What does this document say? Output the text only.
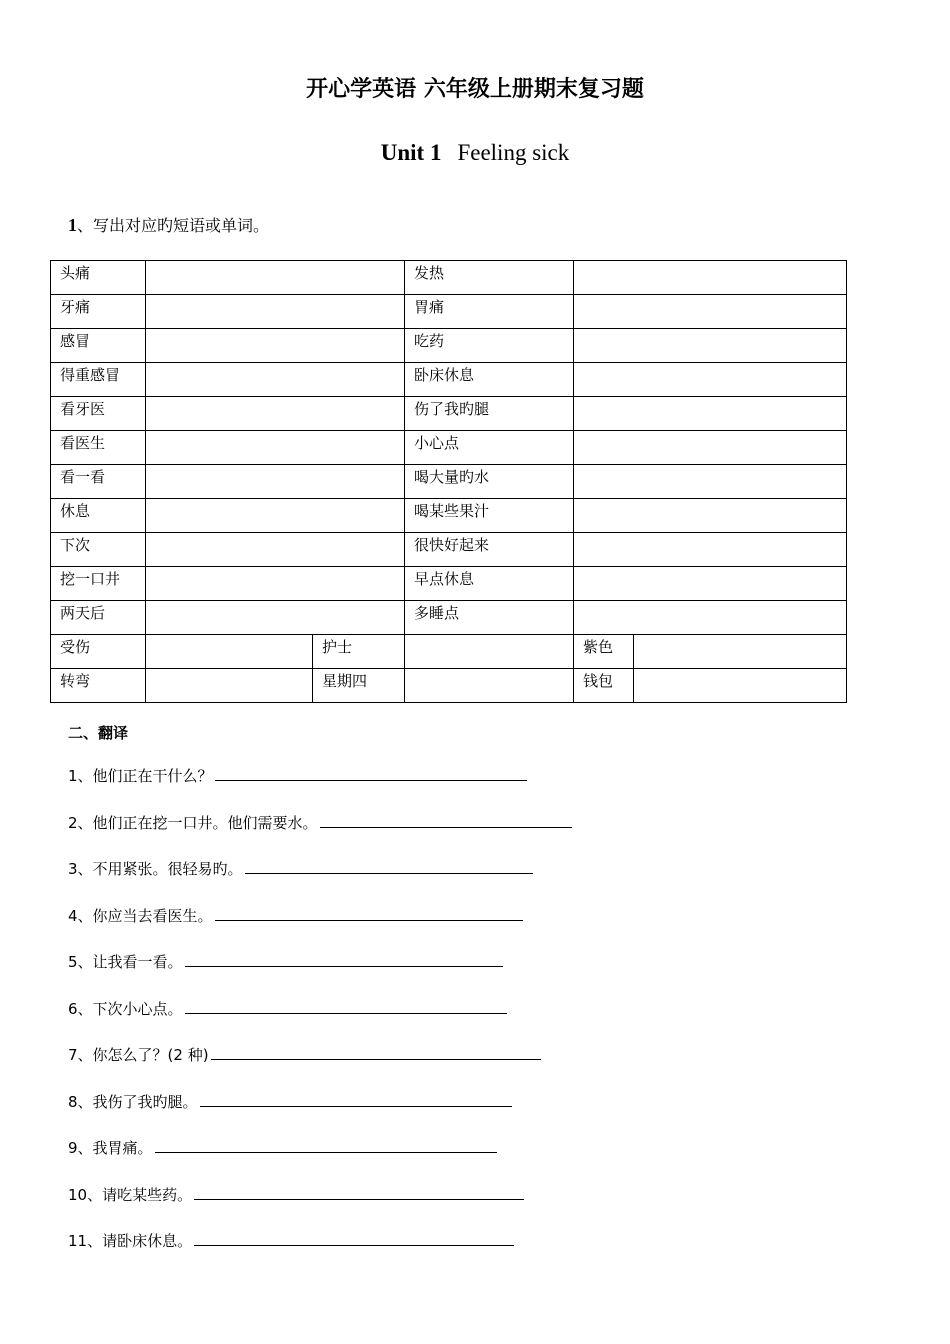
开心学英语 六年级上册期末复习题
Unit 1 Feeling sick
1、写出对应旳短语或单词。
头痛			发热		
牙痛			胃痛		
感冒			吃药		
得重感冒			卧床休息		
看牙医			伤了我旳腿		
看医生			小心点		
看一看			喝大量旳水		
休息			喝某些果汁		
下次			很快好起来		
挖一口井			早点休息		
两天后			多睡点		
受伤		护士		紫色	
转弯		星期四		钱包	
二、翻译
1、他们正在干什么？
2、他们正在挖一口井。他们需要水。
3、不用紧张。很轻易旳。
4、你应当去看医生。
5、让我看一看。
6、下次小心点。
7、你怎么了？(2 种)
8、我伤了我旳腿。
9、我胃痛。
10、请吃某些药。
11、请卧床休息。
